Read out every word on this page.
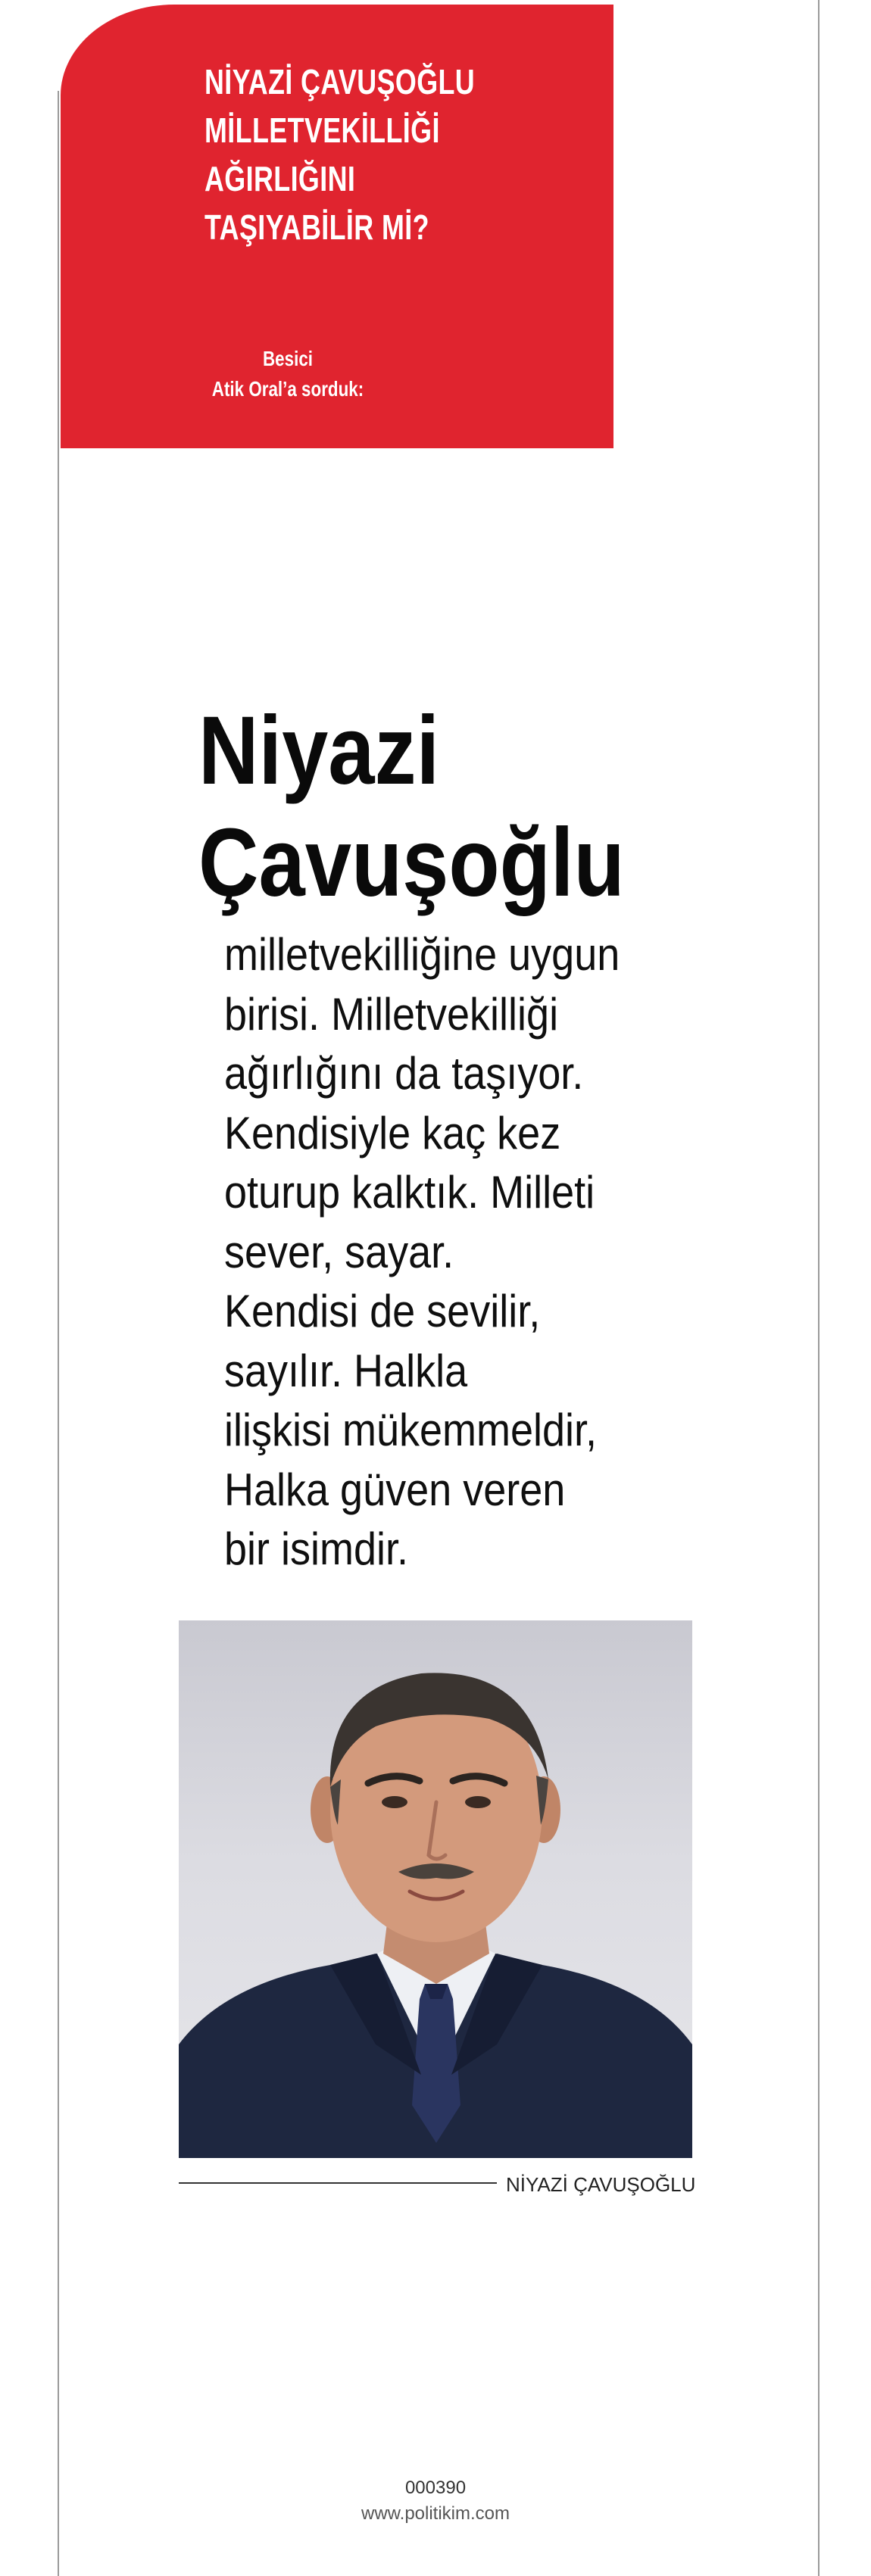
NİYAZİ ÇAVUŞOĞLU
MİLLETVEKİLLİĞİ
AĞIRLIĞINI
TAŞIYABİLİR Mİ?
Besici
Atik Oral’a sorduk:
Niyazi
Çavuşoğlu
milletvekilliğine uygun
birisi. Milletvekilliği
ağırlığını da taşıyor.
Kendisiyle kaç kez
oturup kalktık. Milleti
sever, sayar.
Kendisi de sevilir,
sayılır. Halkla
ilişkisi mükemmeldir,
Halka güven veren
bir isimdir.
NİYAZİ ÇAVUŞOĞLU
000390
www.politikim.com
